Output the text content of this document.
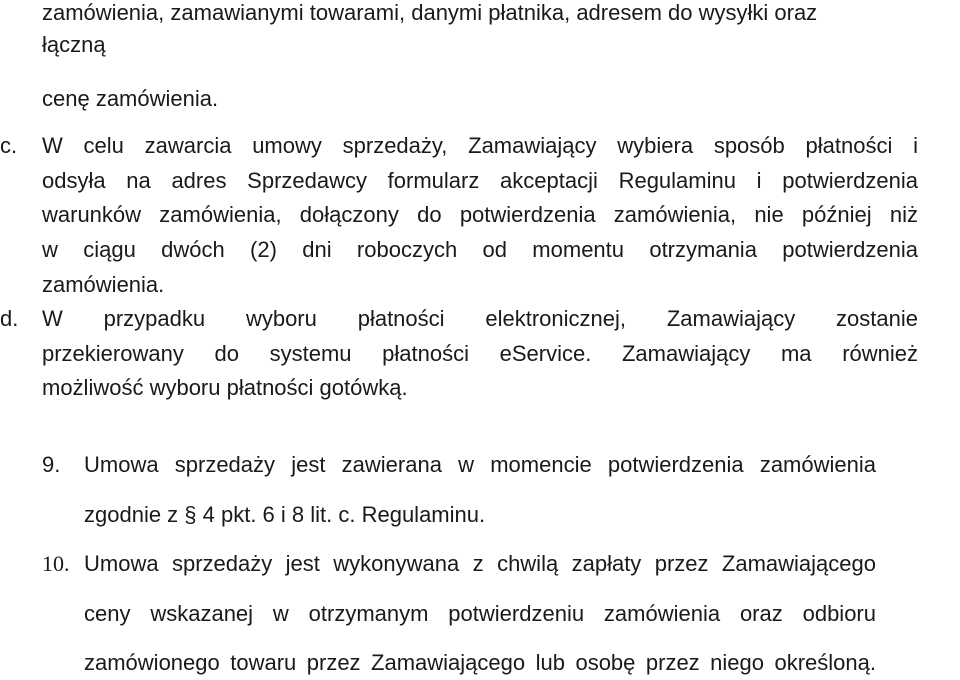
zamówienia, zamawianymi towarami, danymi płatnika, adresem do wysyłki oraz
łączną
cenę zamówienia.
c. W celu zawarcia umowy sprzedaży, Zamawiający wybiera sposób płatności i
odsyła na adres Sprzedawcy formularz akceptacji Regulaminu i potwierdzenia
warunków zamówienia, dołączony do potwierdzenia zamówienia, nie później niż
w ciągu dwóch (2) dni roboczych od momentu otrzymania potwierdzenia
zamówienia.
d. W przypadku wyboru płatności elektronicznej, Zamawiający zostanie
przekierowany do systemu płatności eService. Zamawiający ma również
możliwość wyboru płatności gotówką.
9. Umowa sprzedaży jest zawierana w momencie potwierdzenia zamówienia
zgodnie z § 4 pkt. 6 i 8 lit. c. Regulaminu.
10. Umowa sprzedaży jest wykonywana z chwilą zapłaty przez Zamawiającego
ceny wskazanej w otrzymanym potwierdzeniu zamówienia oraz odbioru
zamówionego towaru przez Zamawiającego lub osobę przez niego określoną.
